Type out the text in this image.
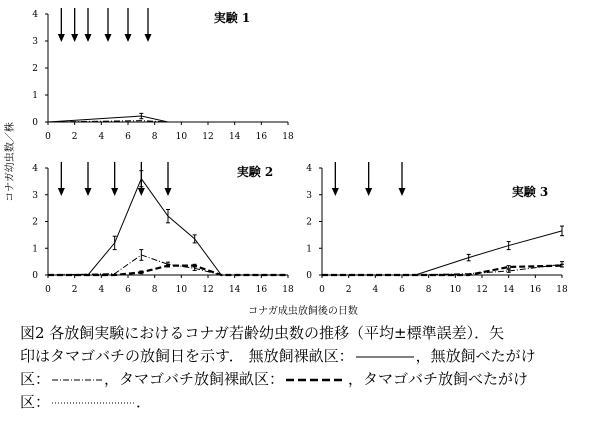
コナガ幼虫数／株
コナガ成虫放飼後の日数
0 2 4 6 8 10 12 14 16 18
0
1
2
3
4	実験 1
0 2 4 6 8 10 12 14 16 18
0
1
2
3
4	実験 2
0 2 4 6 8 10 12 14 16 18
0
1
2
3
4
実験 3
図2 各放飼実験におけるコナガ若齢幼虫数の推移（平均±標準誤差）．矢
印はタマゴバチの放飼日を示す． 無放飼裸畝区：	，無放飼べたがけ
区：	，タマゴバチ放飼裸畝区：	，タマゴバチ放飼べたがけ
区：	．
